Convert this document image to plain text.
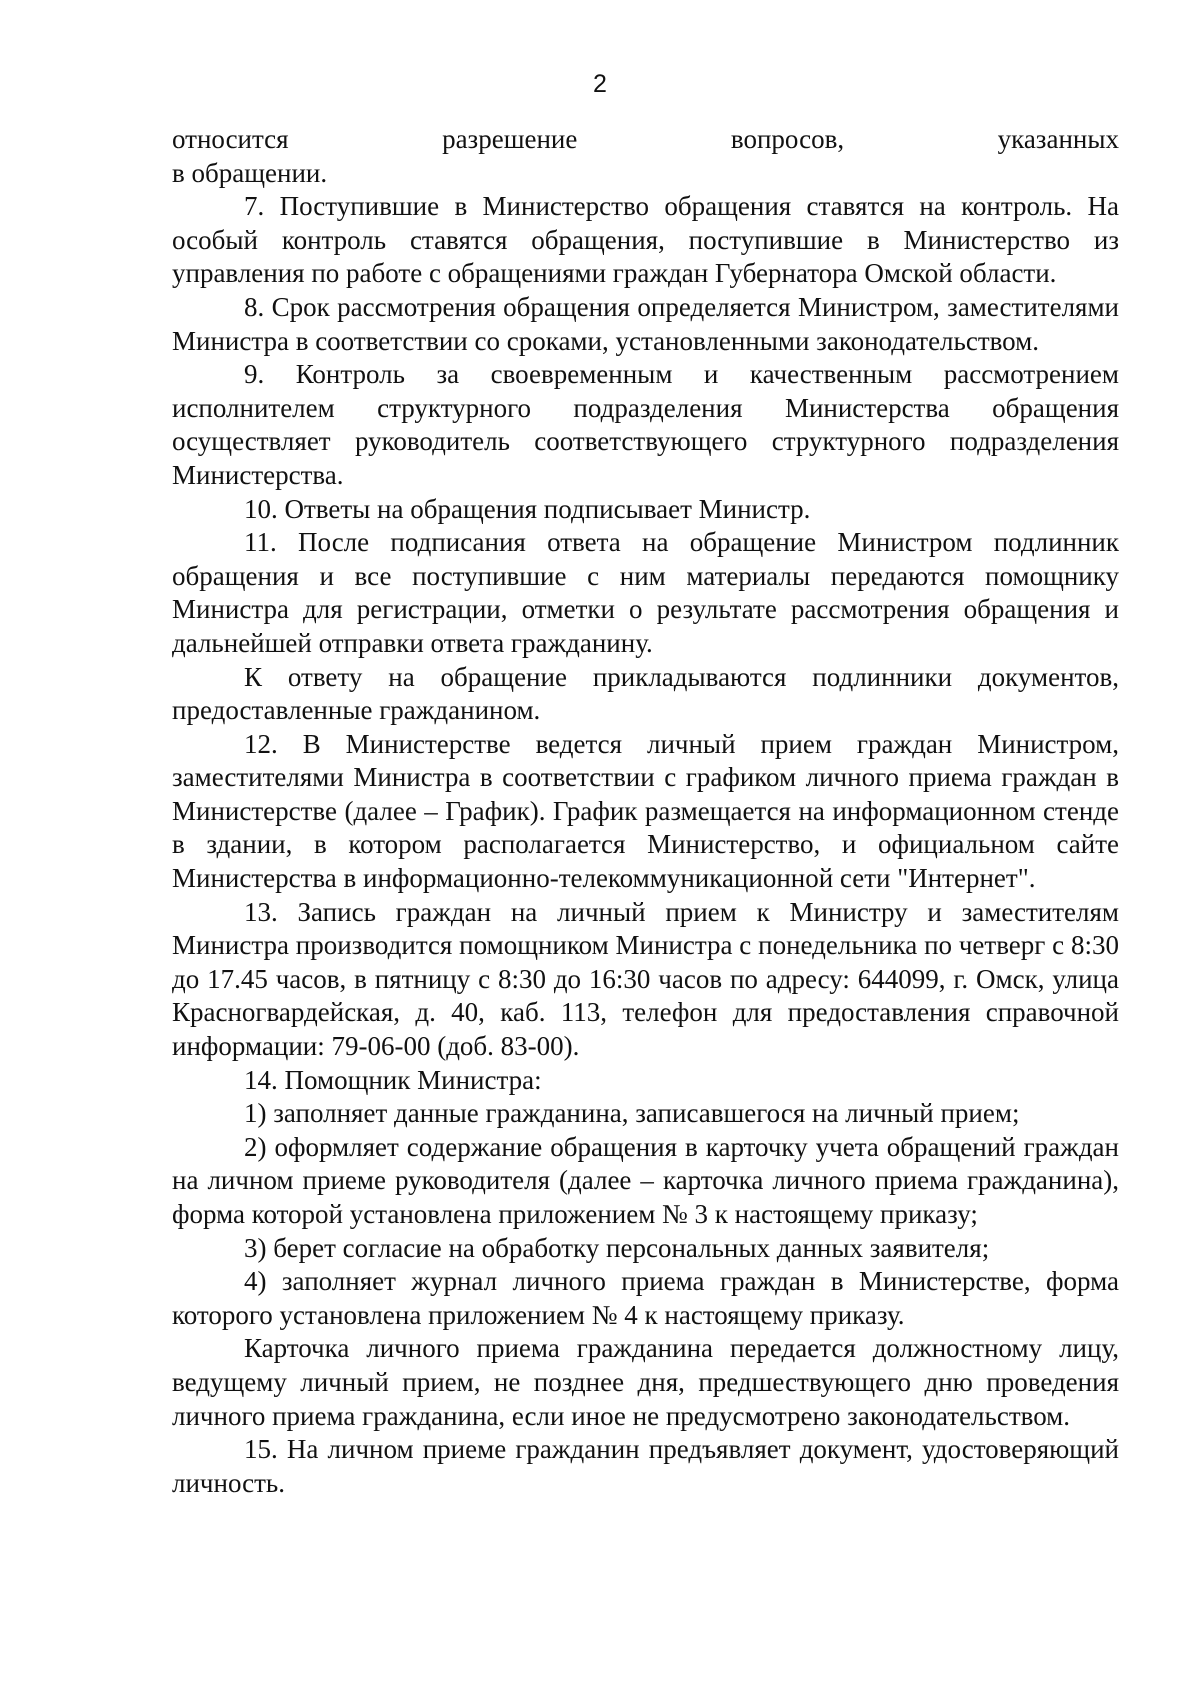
2

относится разрешение вопросов, указанных

в обращении.

7. Поступившие в Министерство обращения ставятся на контроль. На особый контроль ставятся обращения, поступившие в Министерство из управления по работе с обращениями граждан Губернатора Омской области.

8. Срок рассмотрения обращения определяется Министром, заместителями Министра в соответствии со сроками, установленными законодательством.

9. Контроль за своевременным и качественным рассмотрением исполнителем структурного подразделения Министерства обращения осуществляет руководитель соответствующего структурного подразделения Министерства.

10. Ответы на обращения подписывает Министр.

11. После подписания ответа на обращение Министром подлинник обращения и все поступившие с ним материалы передаются помощнику Министра для регистрации, отметки о результате рассмотрения обращения и дальнейшей отправки ответа гражданину.

К ответу на обращение прикладываются подлинники документов, предоставленные гражданином.

12. В Министерстве ведется личный прием граждан Министром, заместителями Министра в соответствии с графиком личного приема граждан в Министерстве (далее – График). График размещается на информационном стенде в здании, в котором располагается Министерство, и официальном сайте Министерства в информационно-телекоммуникационной сети "Интернет".

13. Запись граждан на личный прием к Министру и заместителям Министра производится помощником Министра с понедельника по четверг с 8:30 до 17.45 часов, в пятницу с 8:30 до 16:30 часов по адресу: 644099, г. Омск, улица Красногвардейская, д. 40, каб. 113, телефон для предоставления справочной информации: 79-06-00 (доб. 83-00).

14. Помощник Министра:

1) заполняет данные гражданина, записавшегося на личный прием;

2) оформляет содержание обращения в карточку учета обращений граждан на личном приеме руководителя (далее – карточка личного приема гражданина), форма которой установлена приложением № 3 к настоящему приказу;

3) берет согласие на обработку персональных данных заявителя;

4) заполняет журнал личного приема граждан в Министерстве, форма которого установлена приложением № 4 к настоящему приказу.

Карточка личного приема гражданина передается должностному лицу, ведущему личный прием, не позднее дня, предшествующего дню проведения личного приема гражданина, если иное не предусмотрено законодательством.

15. На личном приеме гражданин предъявляет документ, удостоверяющий личность.
